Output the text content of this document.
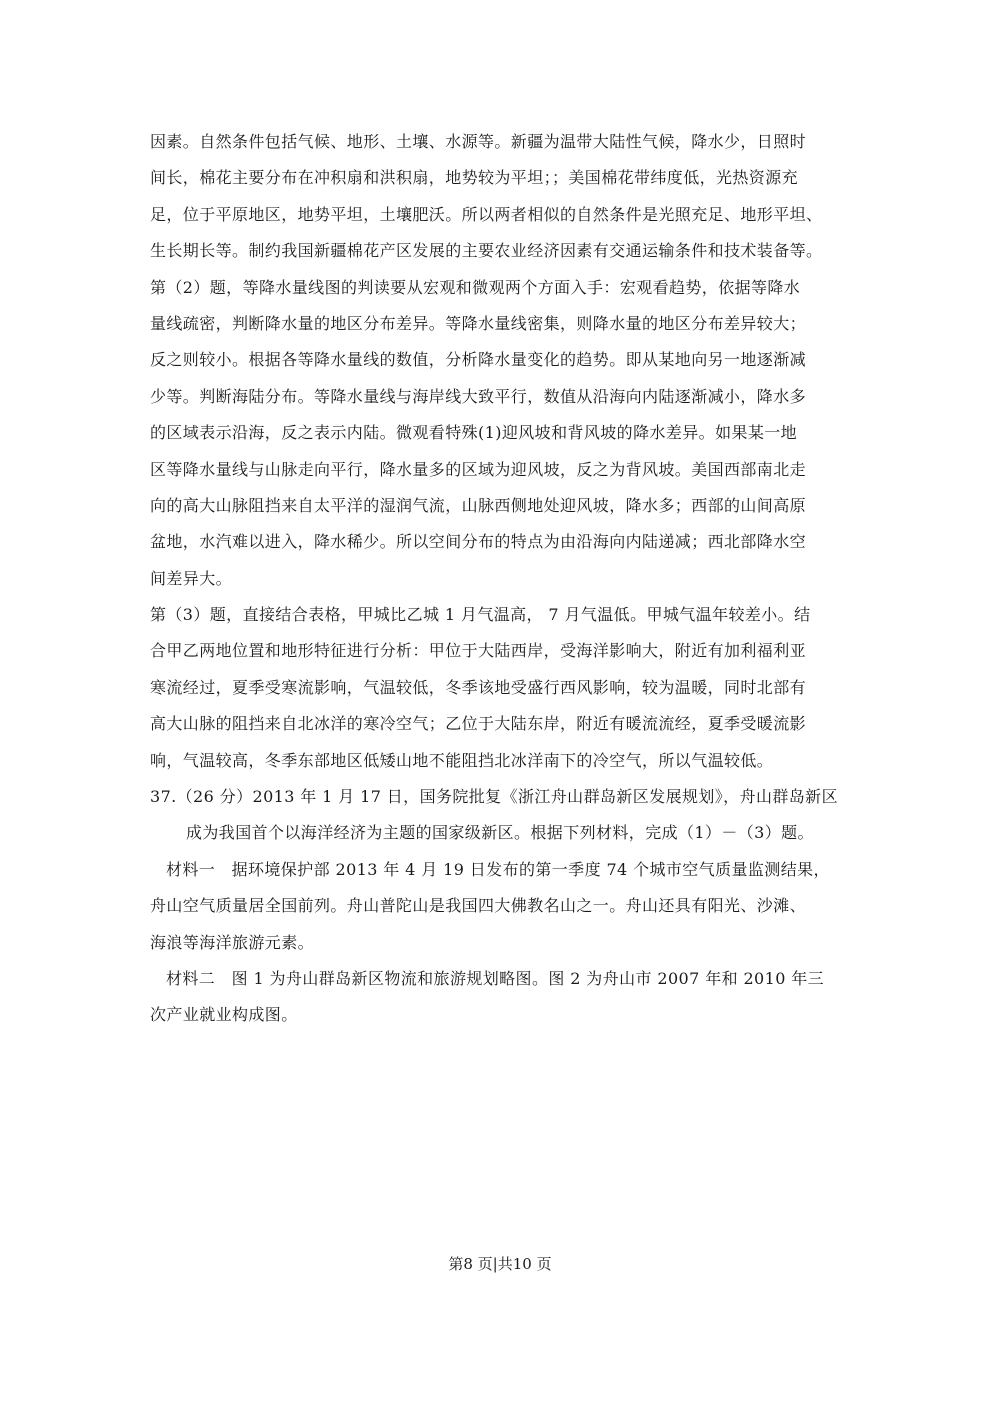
因素。自然条件包括气候、地形、土壤、水源等。新疆为温带大陆性气候，降水少，日照时
间长，棉花主要分布在冲积扇和洪积扇，地势较为平坦；；美国棉花带纬度低，光热资源充
足，位于平原地区，地势平坦，土壤肥沃。所以两者相似的自然条件是光照充足、地形平坦、
生长期长等。制约我国新疆棉花产区发展的主要农业经济因素有交通运输条件和技术装备等。
第（2）题，等降水量线图的判读要从宏观和微观两个方面入手：宏观看趋势，依据等降水
量线疏密，判断降水量的地区分布差异。等降水量线密集，则降水量的地区分布差异较大；
反之则较小。根据各等降水量线的数值，分析降水量变化的趋势。即从某地向另一地逐渐减
少等。判断海陆分布。等降水量线与海岸线大致平行，数值从沿海向内陆逐渐减小，降水多
的区域表示沿海，反之表示内陆。微观看特殊(1)迎风坡和背风坡的降水差异。如果某一地
区等降水量线与山脉走向平行，降水量多的区域为迎风坡，反之为背风坡。美国西部南北走
向的高大山脉阻挡来自太平洋的湿润气流，山脉西侧地处迎风坡，降水多；西部的山间高原
盆地，水汽难以进入，降水稀少。所以空间分布的特点为由沿海向内陆递减；西北部降水空
间差异大。
第（3）题，直接结合表格，甲城比乙城 1 月气温高， 7 月气温低。甲城气温年较差小。结
合甲乙两地位置和地形特征进行分析：甲位于大陆西岸，受海洋影响大，附近有加利福利亚
寒流经过，夏季受寒流影响，气温较低，冬季该地受盛行西风影响，较为温暖，同时北部有
高大山脉的阻挡来自北冰洋的寒冷空气；乙位于大陆东岸，附近有暖流流经，夏季受暖流影
响，气温较高，冬季东部地区低矮山地不能阻挡北冰洋南下的冷空气，所以气温较低。
37.（26 分）2013 年 1 月 17 日，国务院批复《浙江舟山群岛新区发展规划》，舟山群岛新区
成为我国首个以海洋经济为主题的国家级新区。根据下列材料，完成（1）－（3）题。
材料一　据环境保护部 2013 年 4 月 19 日发布的第一季度 74 个城市空气质量监测结果，
舟山空气质量居全国前列。舟山普陀山是我国四大佛教名山之一。舟山还具有阳光、沙滩、
海浪等海洋旅游元素。
材料二　图 1 为舟山群岛新区物流和旅游规划略图。图 2 为舟山市 2007 年和 2010 年三
次产业就业构成图。
第8 页|共10 页
